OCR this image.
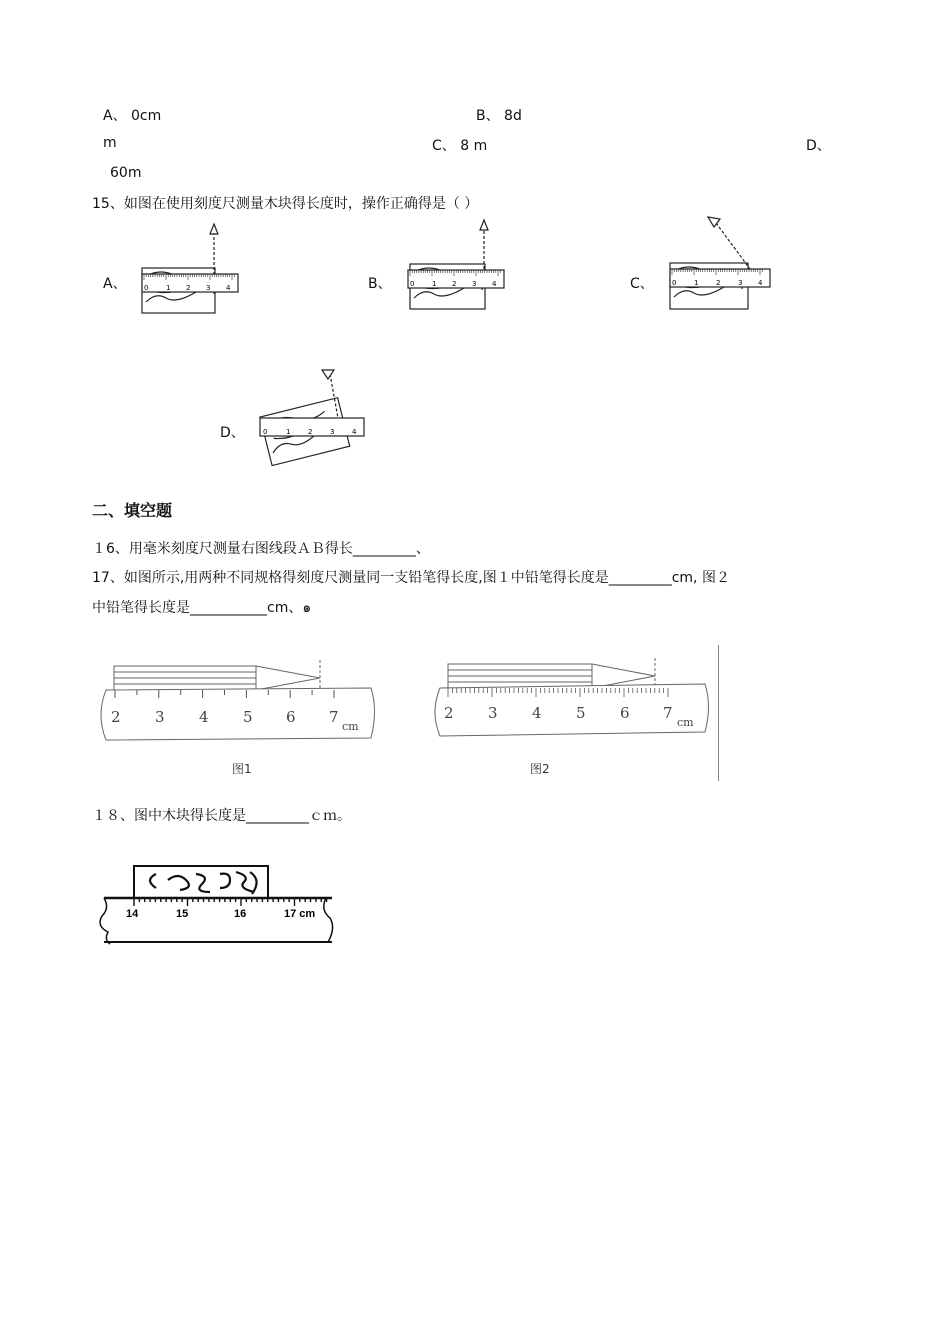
A、 0cm	B、 8d
m	C、 8 m	D、
60m
15、如图在使用刻度尺测量木块得长度时，操作正确得是（ ）
A、	B、	C、
D、
0	1 2 3 4	0	1 2 3 4	0	1	2	3 4
0	1	2	3	4
二、填空题
１6、用毫米刻度尺测量右图线段ＡＢ得长_________、
17、如图所示,用两种不同规格得刻度尺测量同一支铅笔得长度,图１中铅笔得长度是_________cm, 图２
中铅笔得长度是___________cm、๑
2 3 4 5 6 7
cm
图1
2 3 4 5 6 7
cm
图2
１８、图中木块得长度是_________ｃｍ。
14	15	16	17 cm
